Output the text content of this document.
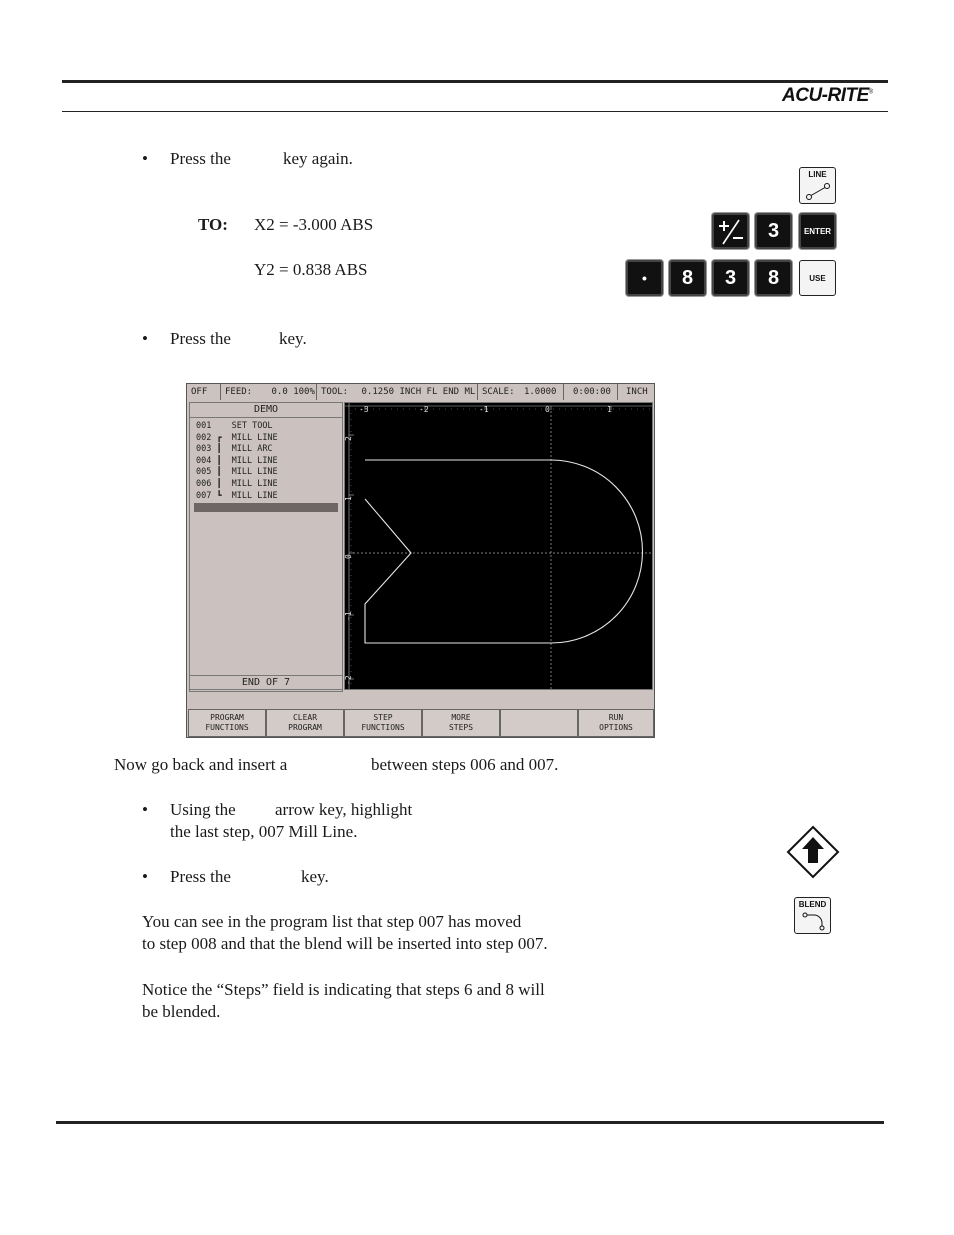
ACU-RITE®
• Press the	key again.
TO: X2 = -3.000 ABS
Y2 = 0.838 ABS
• Press the	key.
LINE
3	ENTER
•	8	3	8	USE
OFF	FEED: 0.0 100% TOOL: 0.1250 INCH FL END ML SCALE: 1.0000	0:00:00	INCH
DEMO
001 SET TOOL
002 ┏ MILL LINE
003 ┃ MILL ARC
004 ┃ MILL LINE
005 ┃ MILL LINE
006 ┃ MILL LINE
007 ┗ MILL LINE
END OF 7
-3	-2	-1	0	1
2
1
0
-1
-2
PROGRAM
FUNCTIONS
CLEAR
PROGRAM
STEP
FUNCTIONS
MORE
STEPS
RUN
OPTIONS
Now go back and insert a	between steps 006 and 007.
• Using the arrow key, highlight
the last step, 007 Mill Line.
• Press the	key.
You can see in the program list that step 007 has moved
to step 008 and that the blend will be inserted into step 007.
Notice the “Steps” field is indicating that steps 6 and 8 will
be blended.
BLEND
